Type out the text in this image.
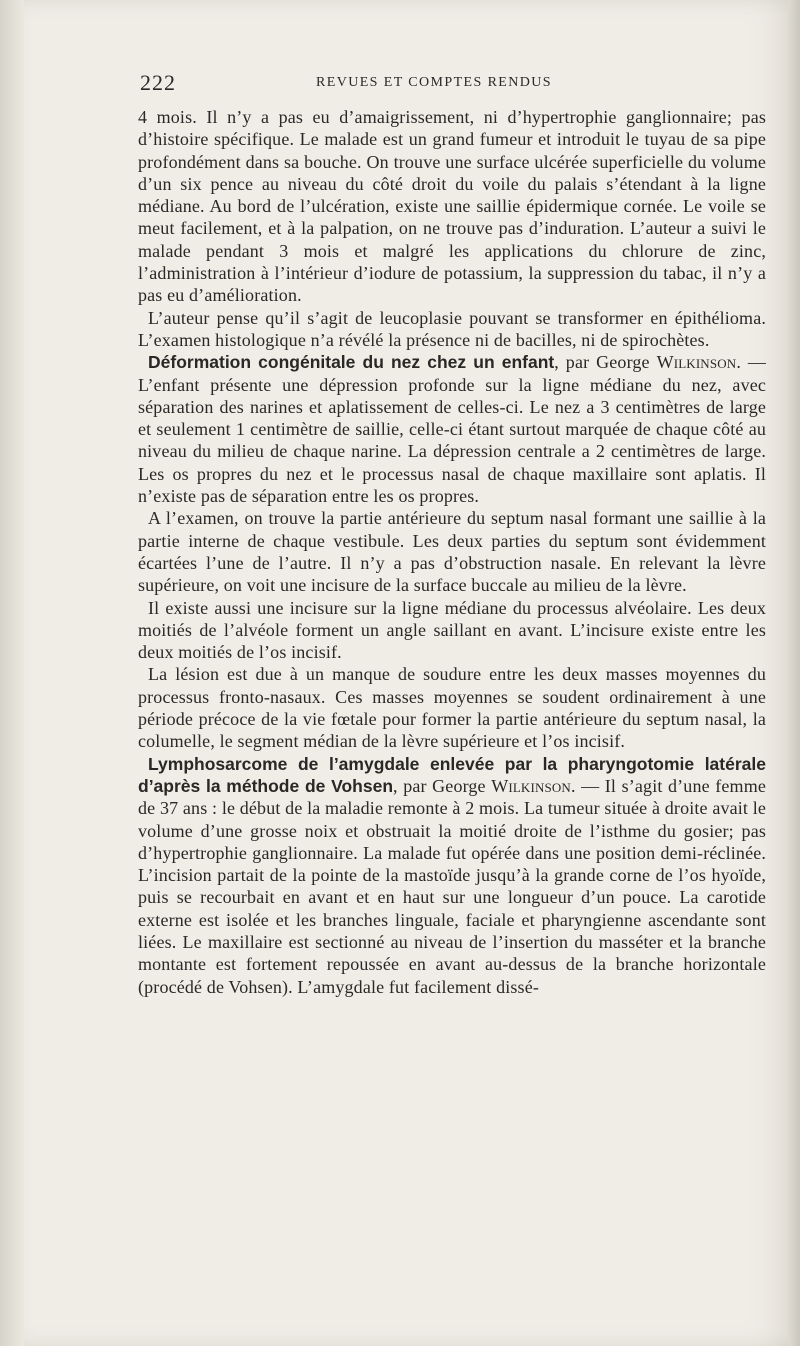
222	REVUES ET COMPTES RENDUS

4 mois. Il n’y a pas eu d’amaigrissement, ni d’hypertrophie ganglionnaire; pas d’histoire spécifique. Le malade est un grand fumeur et introduit le tuyau de sa pipe profondément dans sa bouche. On trouve une surface ulcérée superficielle du volume d’un six pence au niveau du côté droit du voile du palais s’étendant à la ligne médiane. Au bord de l’ulcération, existe une saillie épidermique cornée. Le voile se meut facilement, et à la palpation, on ne trouve pas d’induration. L’auteur a suivi le malade pendant 3 mois et malgré les applications du chlorure de zinc, l’administration à l’intérieur d’iodure de potassium, la suppression du tabac, il n’y a pas eu d’amélioration.

L’auteur pense qu’il s’agit de leucoplasie pouvant se transformer en épithélioma. L’examen histologique n’a révélé la présence ni de bacilles, ni de spirochètes.

Déformation congénitale du nez chez un enfant, par George Wilkinson. — L’enfant présente une dépression profonde sur la ligne médiane du nez, avec séparation des narines et aplatissement de celles-ci. Le nez a 3 centimètres de large et seulement 1 centimètre de saillie, celle-ci étant surtout marquée de chaque côté au niveau du milieu de chaque narine. La dépression centrale a 2 centimètres de large. Les os propres du nez et le processus nasal de chaque maxillaire sont aplatis. Il n’existe pas de séparation entre les os propres.

A l’examen, on trouve la partie antérieure du septum nasal formant une saillie à la partie interne de chaque vestibule. Les deux parties du septum sont évidemment écartées l’une de l’autre. Il n’y a pas d’obstruction nasale. En relevant la lèvre supérieure, on voit une incisure de la surface buccale au milieu de la lèvre.

Il existe aussi une incisure sur la ligne médiane du processus alvéolaire. Les deux moitiés de l’alvéole forment un angle saillant en avant. L’incisure existe entre les deux moitiés de l’os incisif.

La lésion est due à un manque de soudure entre les deux masses moyennes du processus fronto-nasaux. Ces masses moyennes se soudent ordinairement à une période précoce de la vie fœtale pour former la partie antérieure du septum nasal, la columelle, le segment médian de la lèvre supérieure et l’os incisif.

Lymphosarcome de l’amygdale enlevée par la pharyngotomie latérale d’après la méthode de Vohsen, par George Wilkinson. — Il s’agit d’une femme de 37 ans : le début de la maladie remonte à 2 mois. La tumeur située à droite avait le volume d’une grosse noix et obstruait la moitié droite de l’isthme du gosier; pas d’hypertrophie ganglionnaire. La malade fut opérée dans une position demi-réclinée. L’incision partait de la pointe de la mastoïde jusqu’à la grande corne de l’os hyoïde, puis se recourbait en avant et en haut sur une longueur d’un pouce. La carotide externe est isolée et les branches linguale, faciale et pharyngienne ascendante sont liées. Le maxillaire est sectionné au niveau de l’insertion du masséter et la branche montante est fortement repoussée en avant au-dessus de la branche horizontale (procédé de Vohsen). L’amygdale fut facilement dissé-
